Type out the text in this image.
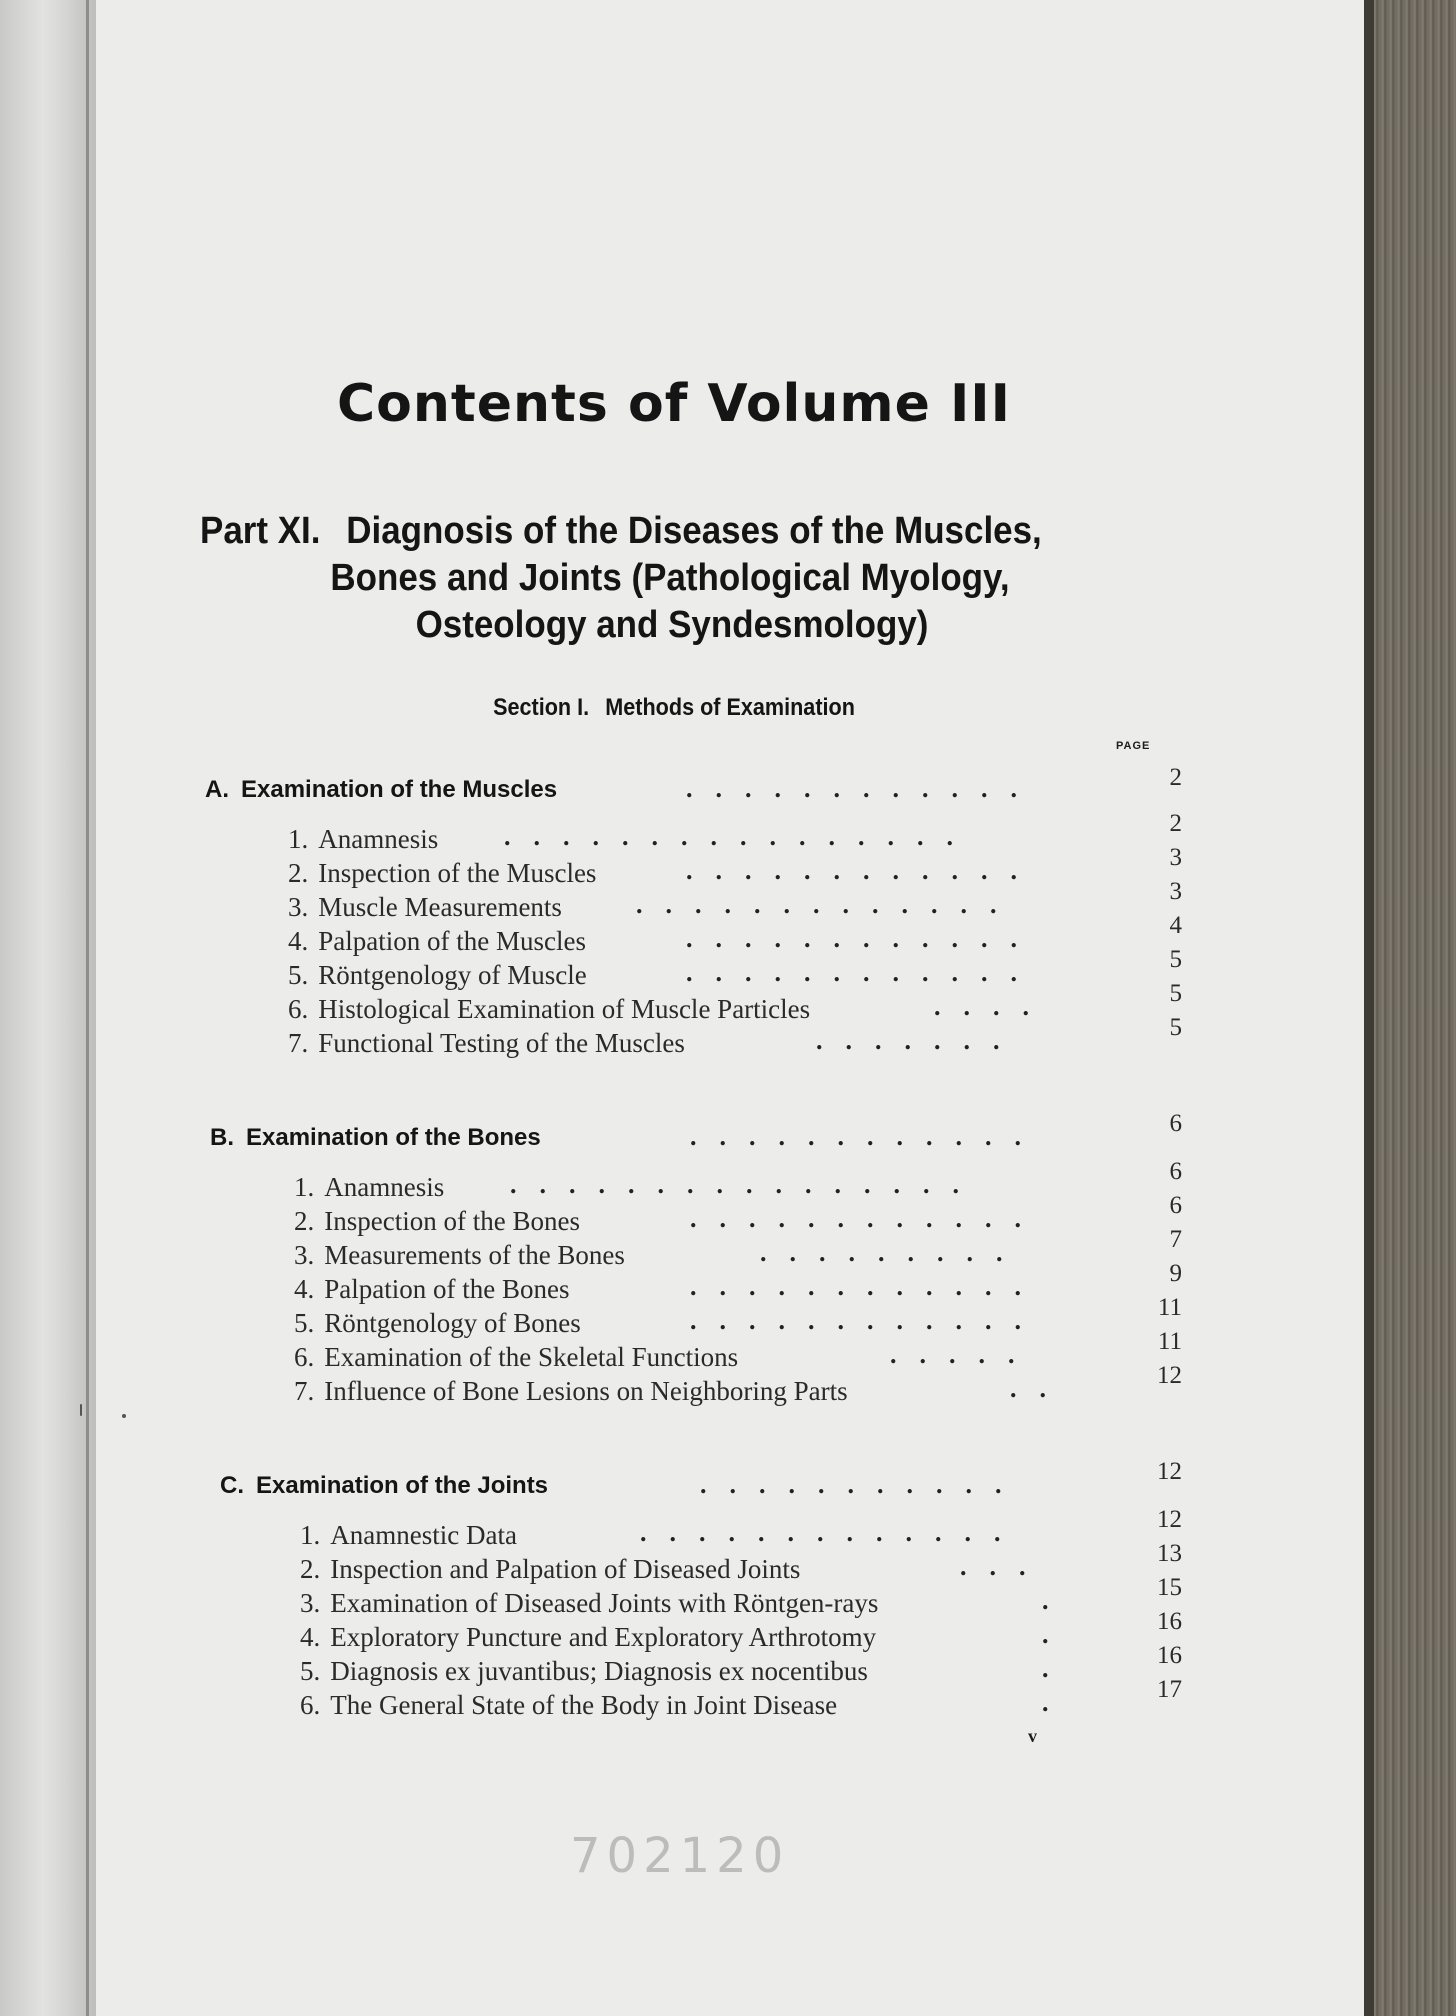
Contents of Volume III
Part XI. Diagnosis of the Diseases of the Muscles,
Bones and Joints (Pathological Myology,
Osteology and Syndesmology)
Section I. Methods of Examination
PAGE
A. Examination of the Muscles	............	2
1. Anamnesis	................	2
2. Inspection of the Muscles	............	3
3. Muscle Measurements	.............	3
4. Palpation of the Muscles	............	4
5. Röntgenology of Muscle	............	5
6. Histological Examination of Muscle Particles	....	5
7. Functional Testing of the Muscles	.......	5
B. Examination of the Bones	............	6
1. Anamnesis	................	6
2. Inspection of the Bones	............	6
3. Measurements of the Bones	.........	7
4. Palpation of the Bones	............	9
5. Röntgenology of Bones	............	11
6. Examination of the Skeletal Functions	.....	11
7. Influence of Bone Lesions on Neighboring Parts	..	12
C. Examination of the Joints	...........	12
1. Anamnestic Data	.............	12
2. Inspection and Palpation of Diseased Joints	...	13
3. Examination of Diseased Joints with Röntgen-rays	.	15
4. Exploratory Puncture and Exploratory Arthrotomy	.	16
5. Diagnosis ex juvantibus; Diagnosis ex nocentibus	.	16
6. The General State of the Body in Joint Disease	.	17
v
702120
